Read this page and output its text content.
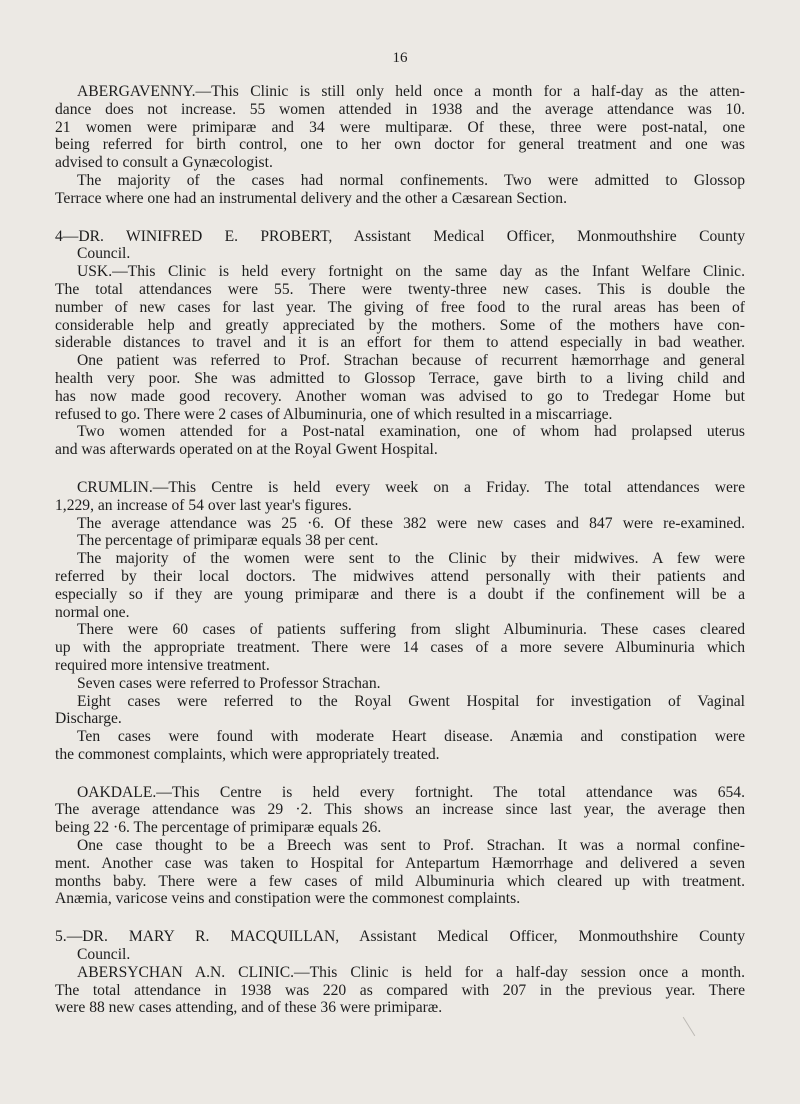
16
ABERGAVENNY.—This Clinic is still only held once a month for a half-day as the atten-
dance does not increase. 55 women attended in 1938 and the average attendance was 10.
21 women were primiparæ and 34 were multiparæ. Of these, three were post-natal, one
being referred for birth control, one to her own doctor for general treatment and one was
advised to consult a Gynæcologist.
The majority of the cases had normal confinements. Two were admitted to Glossop
Terrace where one had an instrumental delivery and the other a Cæsarean Section.
4—DR. WINIFRED E. PROBERT, Assistant Medical Officer, Monmouthshire County
Council.
USK.—This Clinic is held every fortnight on the same day as the Infant Welfare Clinic.
The total attendances were 55. There were twenty-three new cases. This is double the
number of new cases for last year. The giving of free food to the rural areas has been of
considerable help and greatly appreciated by the mothers. Some of the mothers have con-
siderable distances to travel and it is an effort for them to attend especially in bad weather.
One patient was referred to Prof. Strachan because of recurrent hæmorrhage and general
health very poor. She was admitted to Glossop Terrace, gave birth to a living child and
has now made good recovery. Another woman was advised to go to Tredegar Home but
refused to go. There were 2 cases of Albuminuria, one of which resulted in a miscarriage.
Two women attended for a Post-natal examination, one of whom had prolapsed uterus
and was afterwards operated on at the Royal Gwent Hospital.
CRUMLIN.—This Centre is held every week on a Friday. The total attendances were
1,229, an increase of 54 over last year's figures.
The average attendance was 25 ·6. Of these 382 were new cases and 847 were re-examined.
The percentage of primiparæ equals 38 per cent.
The majority of the women were sent to the Clinic by their midwives. A few were
referred by their local doctors. The midwives attend personally with their patients and
especially so if they are young primiparæ and there is a doubt if the confinement will be a
normal one.
There were 60 cases of patients suffering from slight Albuminuria. These cases cleared
up with the appropriate treatment. There were 14 cases of a more severe Albuminuria which
required more intensive treatment.
Seven cases were referred to Professor Strachan.
Eight cases were referred to the Royal Gwent Hospital for investigation of Vaginal
Discharge.
Ten cases were found with moderate Heart disease. Anæmia and constipation were
the commonest complaints, which were appropriately treated.
OAKDALE.—This Centre is held every fortnight. The total attendance was 654.
The average attendance was 29 ·2. This shows an increase since last year, the average then
being 22 ·6. The percentage of primiparæ equals 26.
One case thought to be a Breech was sent to Prof. Strachan. It was a normal confine-
ment. Another case was taken to Hospital for Antepartum Hæmorrhage and delivered a seven
months baby. There were a few cases of mild Albuminuria which cleared up with treatment.
Anæmia, varicose veins and constipation were the commonest complaints.
5.—DR. MARY R. MACQUILLAN, Assistant Medical Officer, Monmouthshire County
Council.
ABERSYCHAN A.N. CLINIC.—This Clinic is held for a half-day session once a month.
The total attendance in 1938 was 220 as compared with 207 in the previous year. There
were 88 new cases attending, and of these 36 were primiparæ.
